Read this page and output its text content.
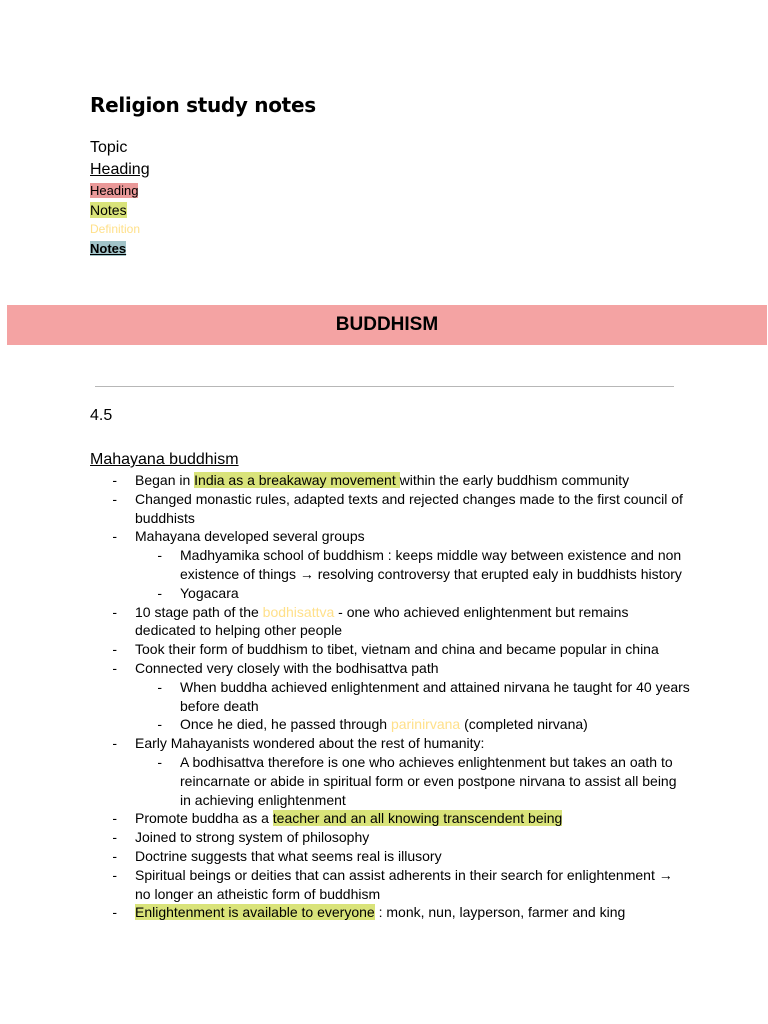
Religion study notes
Topic
Heading
Heading
Notes
Definition
Notes
BUDDHISM
4.5
Mahayana buddhism
-	Began in India as a breakaway movement within the early buddhism community
-	Changed monastic rules, adapted texts and rejected changes made to the first council of buddhists
-	Mahayana developed several groups
-	Madhyamika school of buddhism : keeps middle way between existence and non existence of things → resolving controversy that erupted ealy in buddhists history
-	Yogacara
-	10 stage path of the bodhisattva - one who achieved enlightenment but remains dedicated to helping other people
-	Took their form of buddhism to tibet, vietnam and china and became popular in china
-	Connected very closely with the bodhisattva path
-	When buddha achieved enlightenment and attained nirvana he taught for 40 years before death
-	Once he died, he passed through parinirvana (completed nirvana)
-	Early Mahayanists wondered about the rest of humanity:
-	A bodhisattva therefore is one who achieves enlightenment but takes an oath to reincarnate or abide in spiritual form or even postpone nirvana to assist all being in achieving enlightenment
-	Promote buddha as a teacher and an all knowing transcendent being
-	Joined to strong system of philosophy
-	Doctrine suggests that what seems real is illusory
-	Spiritual beings or deities that can assist adherents in their search for enlightenment → no longer an atheistic form of buddhism
-	Enlightenment is available to everyone : monk, nun, layperson, farmer and king
